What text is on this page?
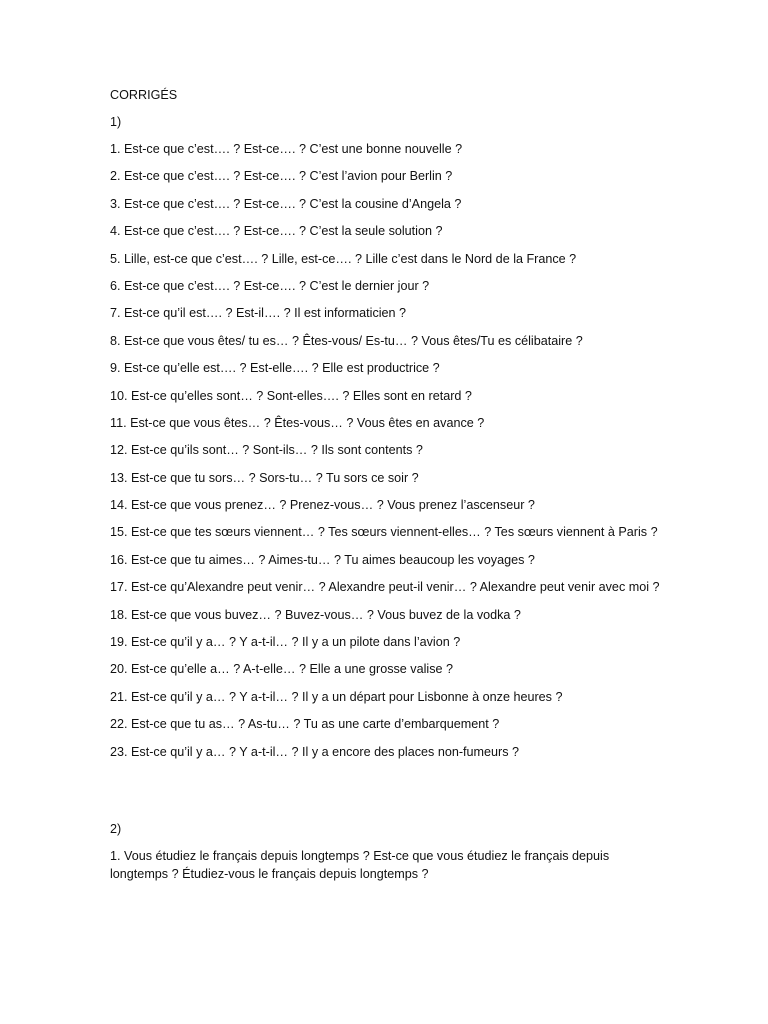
CORRIGÉS
1)
1. Est-ce que c’est…. ? Est-ce…. ? C’est une bonne nouvelle ?
2. Est-ce que c’est…. ? Est-ce…. ? C’est l’avion pour Berlin ?
3. Est-ce que c’est…. ? Est-ce…. ? C’est la cousine d’Angela ?
4. Est-ce que c’est…. ? Est-ce…. ? C’est la seule solution ?
5. Lille, est-ce que c’est…. ? Lille, est-ce…. ? Lille c’est dans le Nord de la France ?
6. Est-ce que c’est…. ? Est-ce…. ? C’est le dernier jour ?
7. Est-ce qu’il est…. ? Est-il…. ? Il est informaticien ?
8. Est-ce que vous êtes/ tu es… ? Êtes-vous/ Es-tu… ? Vous êtes/Tu es célibataire ?
9. Est-ce qu’elle est…. ? Est-elle…. ? Elle est productrice ?
10. Est-ce qu’elles sont… ? Sont-elles…. ? Elles sont en retard ?
11. Est-ce que vous êtes… ? Êtes-vous… ? Vous êtes en avance ?
12. Est-ce qu’ils sont… ? Sont-ils… ? Ils sont contents ?
13. Est-ce que tu sors… ? Sors-tu… ? Tu sors ce soir ?
14. Est-ce que vous prenez… ? Prenez-vous… ? Vous prenez l’ascenseur ?
15. Est-ce que tes sœurs viennent… ? Tes sœurs viennent-elles… ? Tes sœurs viennent à Paris ?
16. Est-ce que tu aimes… ? Aimes-tu… ? Tu aimes beaucoup les voyages ?
17. Est-ce qu’Alexandre peut venir… ? Alexandre peut-il venir… ? Alexandre peut venir avec moi ?
18. Est-ce que vous buvez… ? Buvez-vous… ? Vous buvez de la vodka ?
19. Est-ce qu’il y a… ? Y a-t-il… ? Il y a un pilote dans l’avion ?
20. Est-ce qu’elle a… ? A-t-elle… ? Elle a une grosse valise ?
21. Est-ce qu’il y a… ? Y a-t-il… ? Il y a un départ pour Lisbonne à onze heures ?
22. Est-ce que tu as… ? As-tu… ? Tu as une carte d’embarquement ?
23. Est-ce qu’il y a… ? Y a-t-il… ? Il y a encore des places non-fumeurs ?
2)
1. Vous étudiez le français depuis longtemps ? Est-ce que vous étudiez le français depuis longtemps ? Étudiez-vous le français depuis longtemps ?
